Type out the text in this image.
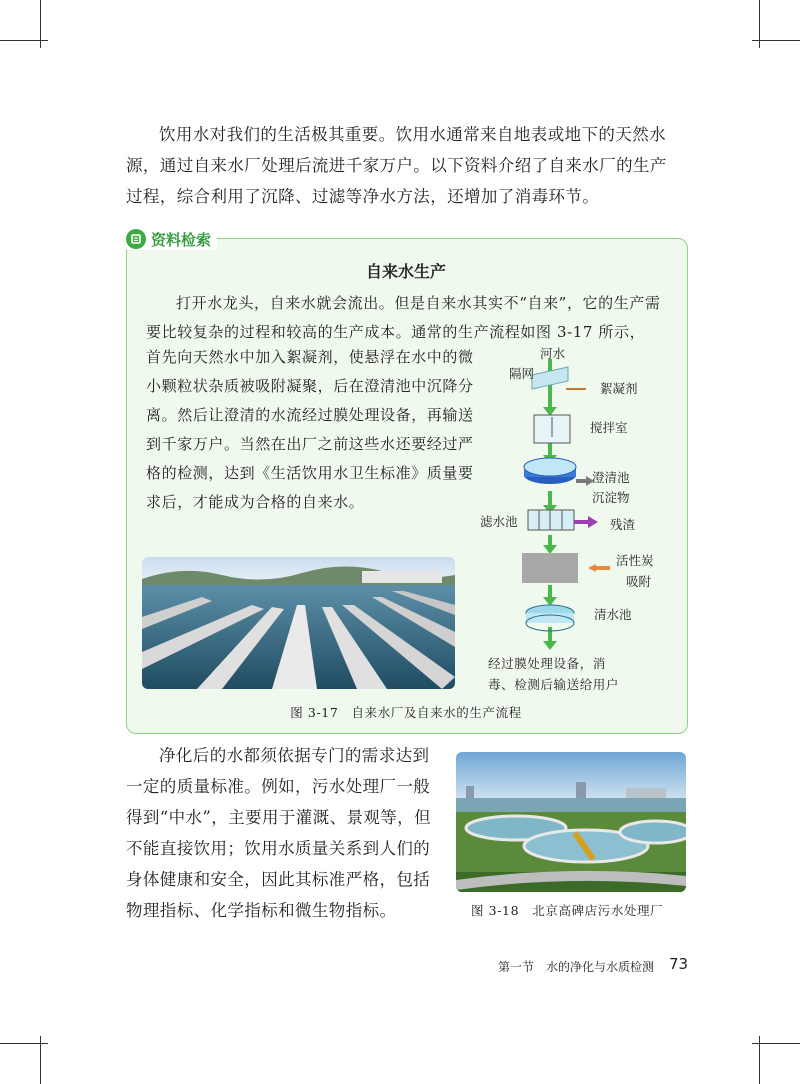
饮用水对我们的生活极其重要。饮用水通常来自地表或地下的天然水源，通过自来水厂处理后流进千家万户。以下资料介绍了自来水厂的生产过程，综合利用了沉降、过滤等净水方法，还增加了消毒环节。
资料检索
自来水生产
打开水龙头，自来水就会流出。但是自来水其实不“自来”，它的生产需要比较复杂的过程和较高的生产成本。通常的生产流程如图 3-17 所示，
首先向天然水中加入絮凝剂，使悬浮在水中的微小颗粒状杂质被吸附凝聚，后在澄清池中沉降分离。然后让澄清的水流经过膜处理设备，再输送到千家万户。当然在出厂之前这些水还要经过严格的检测，达到《生活饮用水卫生标准》质量要求后，才能成为合格的自来水。
河水
隔网
絮凝剂
搅拌室
澄清池
沉淀物
滤水池	残渣
活性炭
吸附
清水池
经过膜处理设备，消
毒、检测后输送给用户
图 3-17　自来水厂及自来水的生产流程
净化后的水都须依据专门的需求达到一定的质量标准。例如，污水处理厂一般得到“中水”，主要用于灌溉、景观等，但不能直接饮用；饮用水质量关系到人们的身体健康和安全，因此其标准严格，包括物理指标、化学指标和微生物指标。	图 3-18　北京高碑店污水处理厂
第一节　水的净化与水质检测 73
